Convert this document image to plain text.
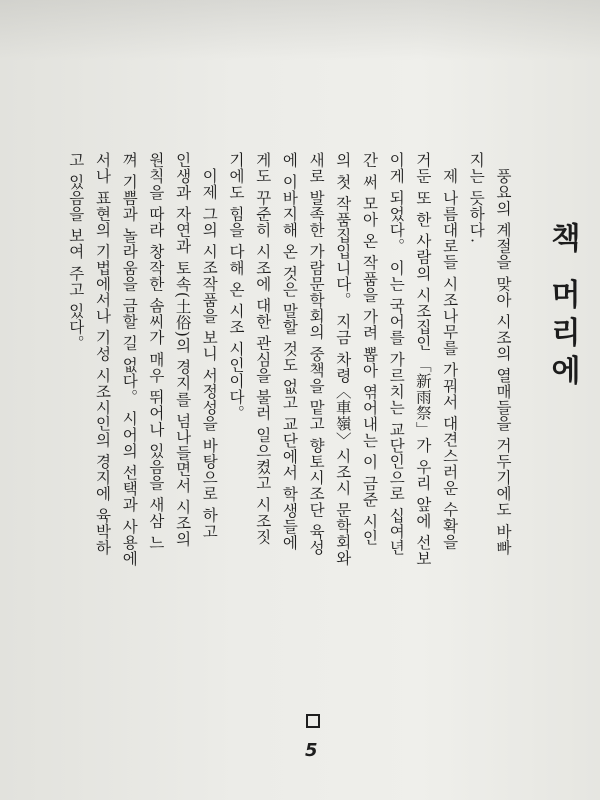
책 머리에
풍요의 계절을 맞아 시조의 열매들을 거두기에도 바빠
지는 듯하다.
제 나름대로들 시조나무를 가꿔서 대견스러운 수확을
거둔 또 한 사람의 시조집인 「新雨祭」가 우리 앞에 선보
이게 되었다。 이는 국어를 가르치는 교단인으로 십여년
간 써 모아 온 작품을 가려 뽑아 엮어내는 이 금준 시인
의 첫 작품집입니다。 지금 차령〈車嶺〉시조시 문학회와
새로 발족한 가람문학회의 중책을 맡고 향토시조단 육성
에 이바지해 온 것은 말할 것도 없고 교단에서 학생들에
게도 꾸준히 시조에 대한 관심을 불러 일으켰고 시조짓
기에도 힘을 다해 온 시조 시인이다。
이제 그의 시조작품을 보니 서정성을 바탕으로 하고
인생과 자연과 토속(土俗)의 경지를 넘나들면서 시조의
원칙을 따라 창작한 솜씨가 매우 뛰어나 있음을 새삼 느
껴 기쁨과 놀라움을 금할 길 없다。 시어의 선택과 사용에
서나 표현의 기법에서나 기성 시조시인의 경지에 육박하
고 있음을 보여 주고 있다。
5
